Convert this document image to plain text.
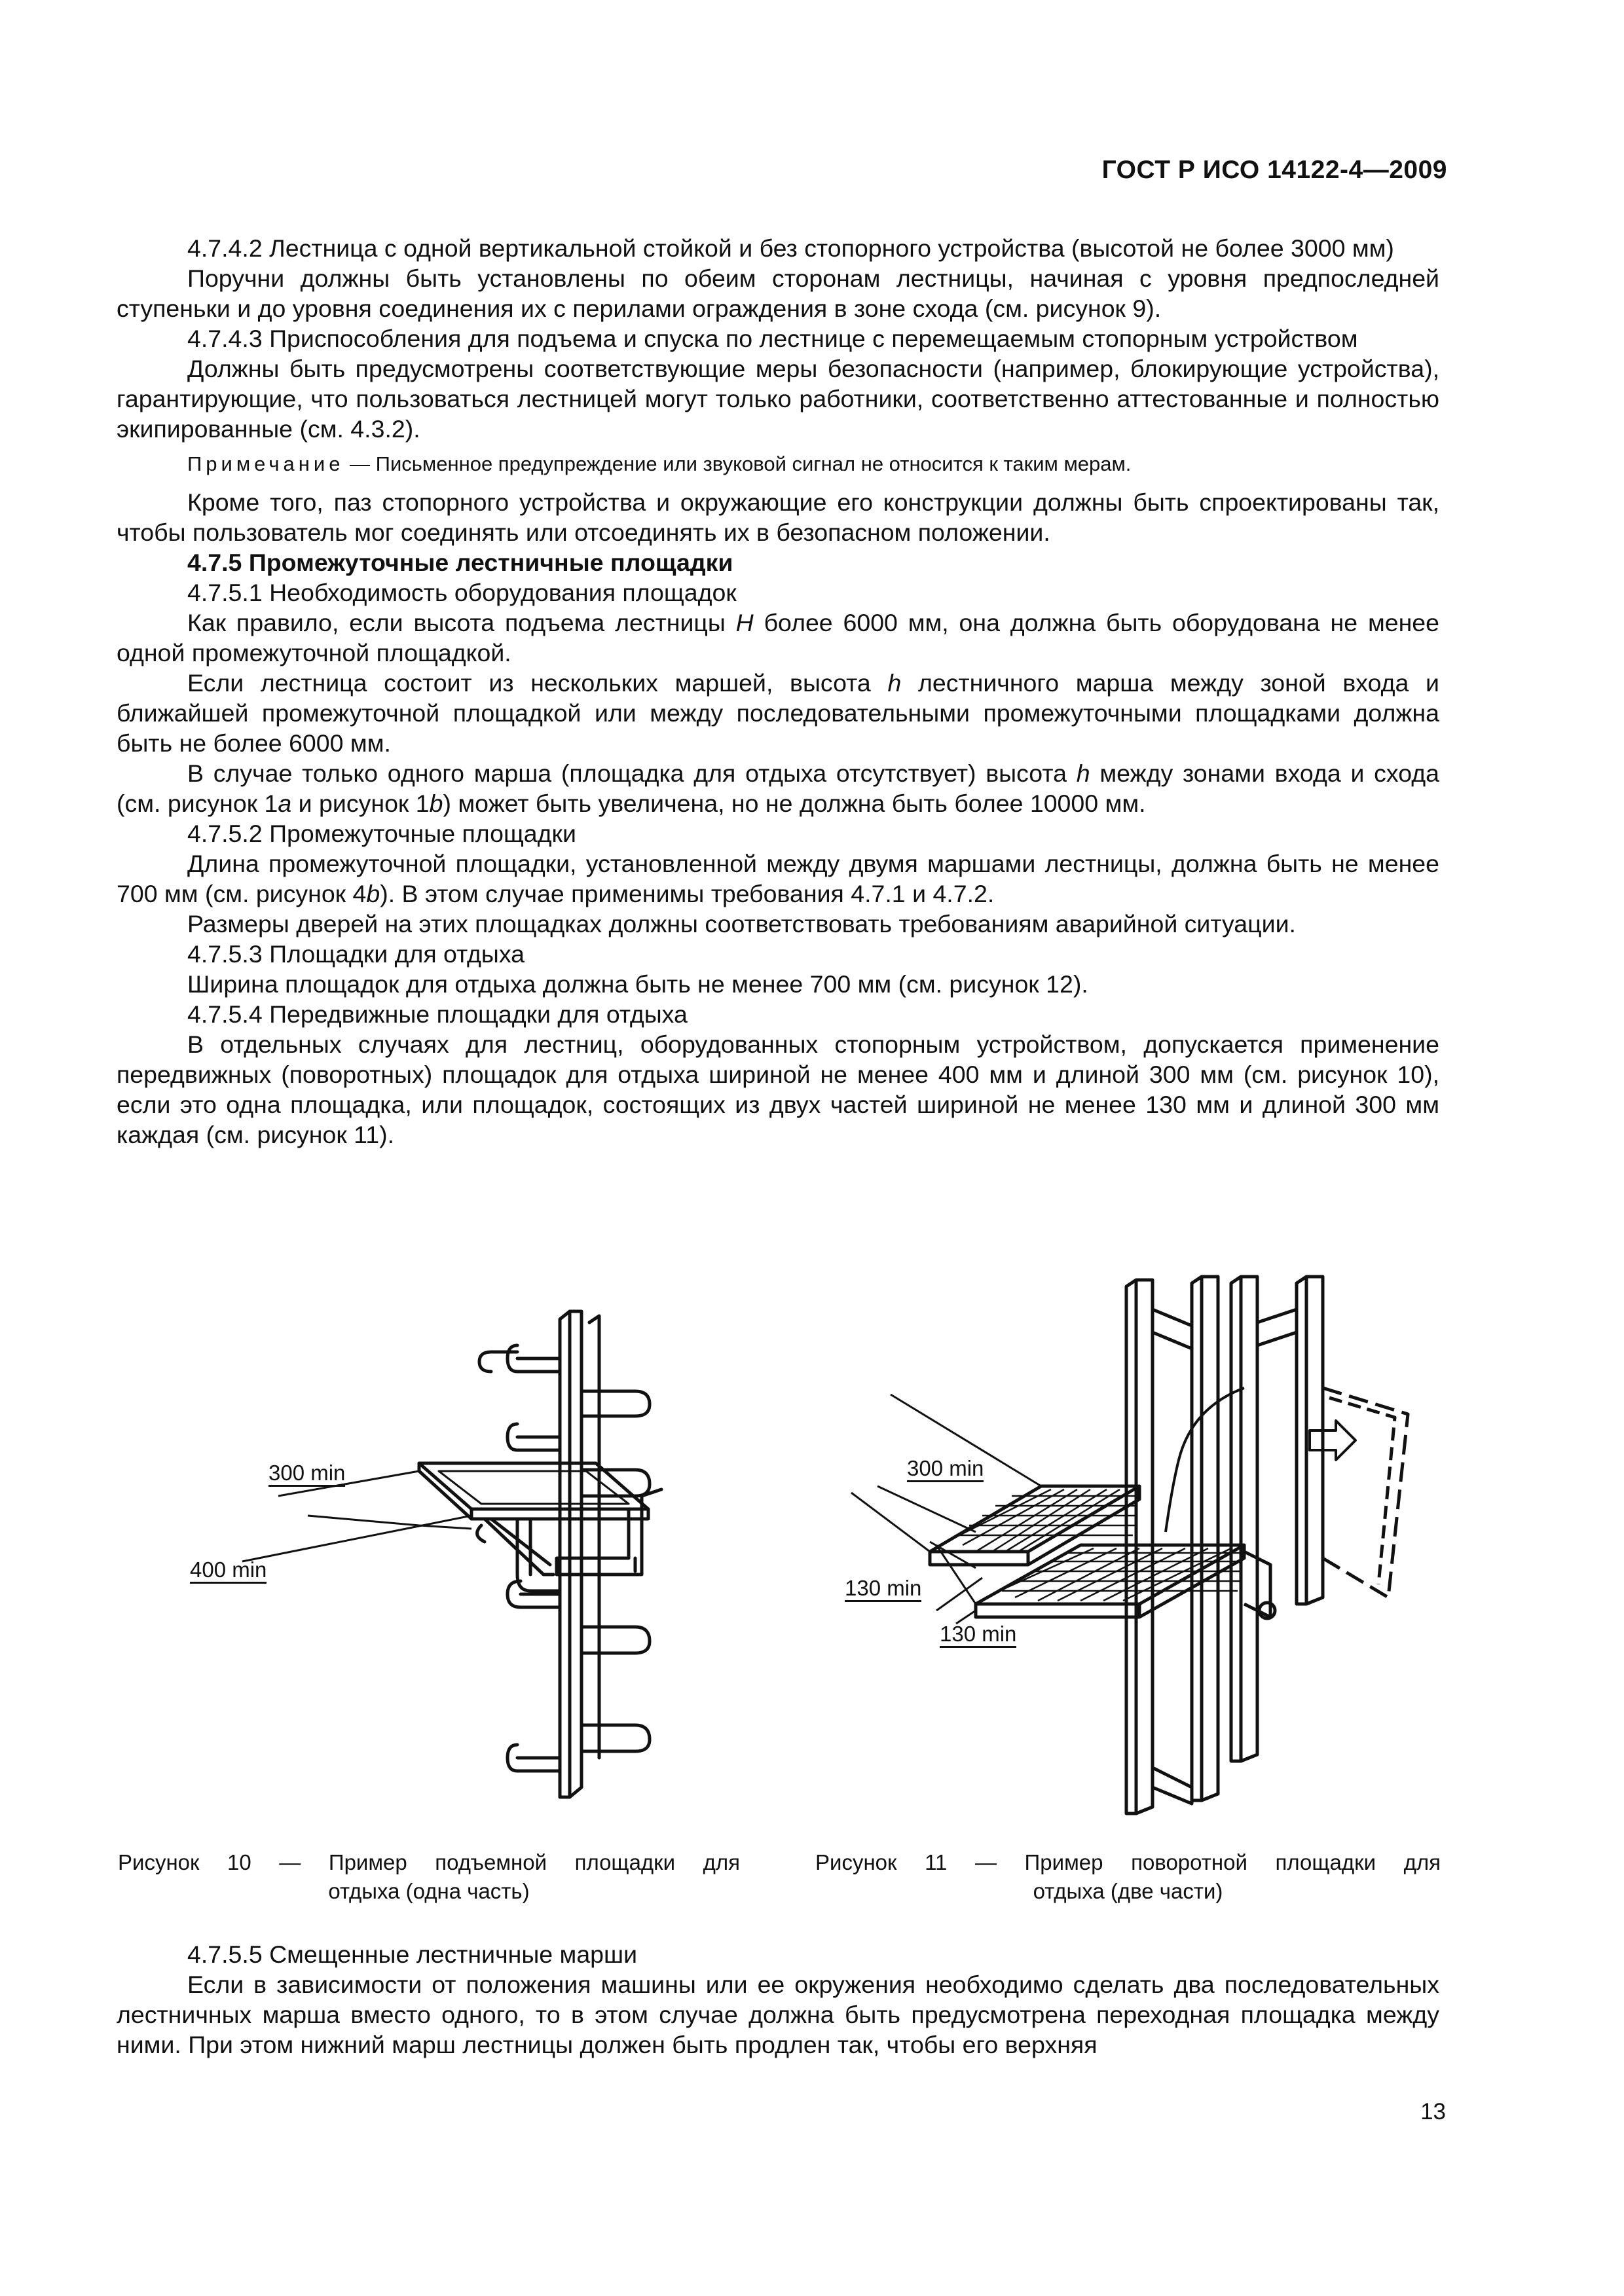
ГОСТ Р ИСО 14122-4—2009

4.7.4.2 Лестница с одной вертикальной стойкой и без стопорного устройства (высотой не более 3000 мм)

Поручни должны быть установлены по обеим сторонам лестницы, начиная с уровня предпоследней ступеньки и до уровня соединения их с перилами ограждения в зоне схода (см. рисунок 9).

4.7.4.3 Приспособления для подъема и спуска по лестнице с перемещаемым стопорным устройством

Должны быть предусмотрены соответствующие меры безопасности (например, блокирующие устройства), гарантирующие, что пользоваться лестницей могут только работники, соответственно аттестованные и полностью экипированные (см. 4.3.2).

Примечание — Письменное предупреждение или звуковой сигнал не относится к таким мерам.

Кроме того, паз стопорного устройства и окружающие его конструкции должны быть спроектированы так, чтобы пользователь мог соединять или отсоединять их в безопасном положении.

4.7.5 Промежуточные лестничные площадки

4.7.5.1 Необходимость оборудования площадок

Как правило, если высота подъема лестницы H более 6000 мм, она должна быть оборудована не менее одной промежуточной площадкой.

Если лестница состоит из нескольких маршей, высота h лестничного марша между зоной входа и ближайшей промежуточной площадкой или между последовательными промежуточными площадками должна быть не более 6000 мм.

В случае только одного марша (площадка для отдыха отсутствует) высота h между зонами входа и схода (см. рисунок 1a и рисунок 1b) может быть увеличена, но не должна быть более 10000 мм.

4.7.5.2 Промежуточные площадки

Длина промежуточной площадки, установленной между двумя маршами лестницы, должна быть не менее 700 мм (см. рисунок 4b). В этом случае применимы требования 4.7.1 и 4.7.2.

Размеры дверей на этих площадках должны соответствовать требованиям аварийной ситуации.

4.7.5.3 Площадки для отдыха

Ширина площадок для отдыха должна быть не менее 700 мм (см. рисунок 12).

4.7.5.4 Передвижные площадки для отдыха

В отдельных случаях для лестниц, оборудованных стопорным устройством, допускается применение передвижных (поворотных) площадок для отдыха шириной не менее 400 мм и длиной 300 мм (см. рисунок 10), если это одна площадка, или площадок, состоящих из двух частей шириной не менее 130 мм и длиной 300 мм каждая (см. рисунок 11).

300 min
400 min
Рисунок 10 — Пример подъемной площадки для
отдыха (одна часть)
300 min
130 min
130 min
Рисунок 11 — Пример поворотной площадки для
отдыха (две части)

4.7.5.5 Смещенные лестничные марши

Если в зависимости от положения машины или ее окружения необходимо сделать два последовательных лестничных марша вместо одного, то в этом случае должна быть предусмотрена переходная площадка между ними. При этом нижний марш лестницы должен быть продлен так, чтобы его верхняя

13
